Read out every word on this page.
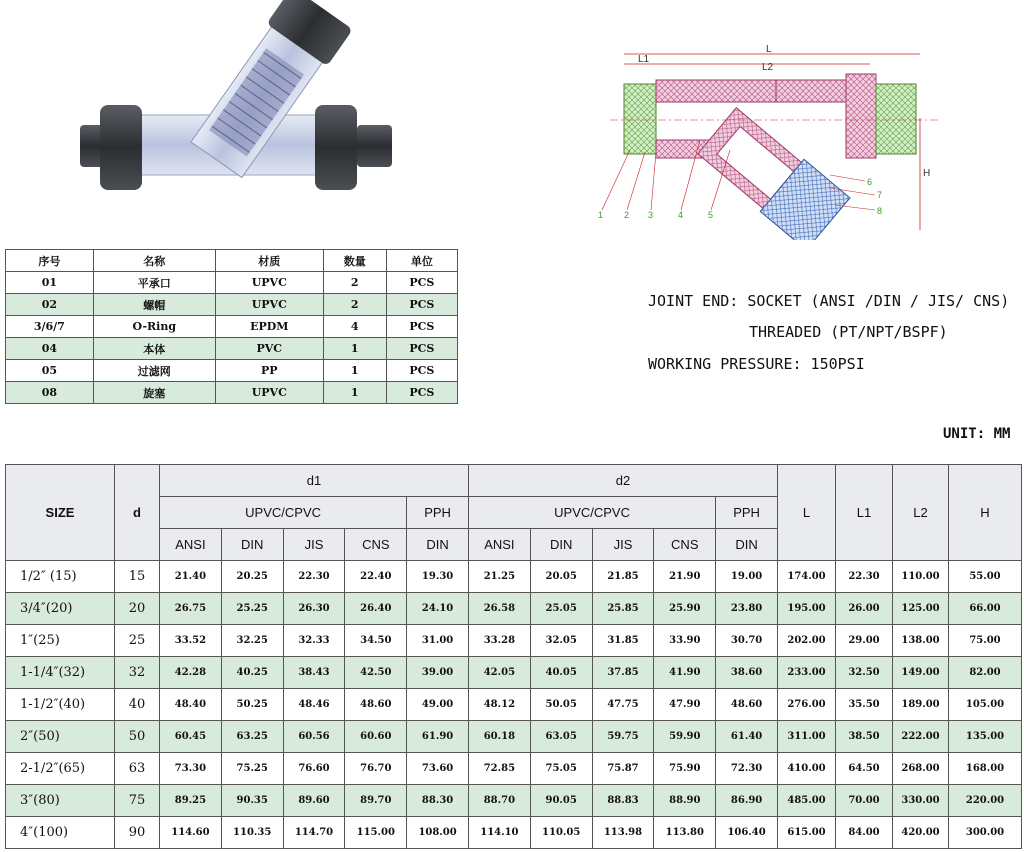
L
L1
L2
H
1 2 3	4	5
6
7
8
序号	名称	材质	数量	单位
01	平承口	UPVC	2	PCS
02	螺帽	UPVC	2	PCS
3/6/7	O-Ring	EPDM	4	PCS
04	本体	PVC	1	PCS
05	过滤网	PP	1	PCS
08	旋塞	UPVC	1	PCS
JOINT END: SOCKET (ANSI /DIN / JIS/ CNS)
THREADED (PT/NPT/BSPF)
WORKING PRESSURE: 150PSI
UNIT: MM
SIZE	d	d1					d2					L	L1	L2	H
		UPVC/CPVC				PPH	UPVC/CPVC				PPH				
		ANSI	DIN	JIS	CNS	DIN	ANSI	DIN	JIS	CNS	DIN				
1/2″ (15)	15	21.40	20.25	22.30	22.40	19.30	21.25	20.05	21.85	21.90	19.00	174.00	22.30	110.00	55.00
3/4″(20)	20	26.75	25.25	26.30	26.40	24.10	26.58	25.05	25.85	25.90	23.80	195.00	26.00	125.00	66.00
1″(25)	25	33.52	32.25	32.33	34.50	31.00	33.28	32.05	31.85	33.90	30.70	202.00	29.00	138.00	75.00
1-1/4″(32)	32	42.28	40.25	38.43	42.50	39.00	42.05	40.05	37.85	41.90	38.60	233.00	32.50	149.00	82.00
1-1/2″(40)	40	48.40	50.25	48.46	48.60	49.00	48.12	50.05	47.75	47.90	48.60	276.00	35.50	189.00	105.00
2″(50)	50	60.45	63.25	60.56	60.60	61.90	60.18	63.05	59.75	59.90	61.40	311.00	38.50	222.00	135.00
2-1/2″(65)	63	73.30	75.25	76.60	76.70	73.60	72.85	75.05	75.87	75.90	72.30	410.00	64.50	268.00	168.00
3″(80)	75	89.25	90.35	89.60	89.70	88.30	88.70	90.05	88.83	88.90	86.90	485.00	70.00	330.00	220.00
4″(100)	90	114.60	110.35	114.70	115.00	108.00	114.10	110.05	113.98	113.80	106.40	615.00	84.00	420.00	300.00
